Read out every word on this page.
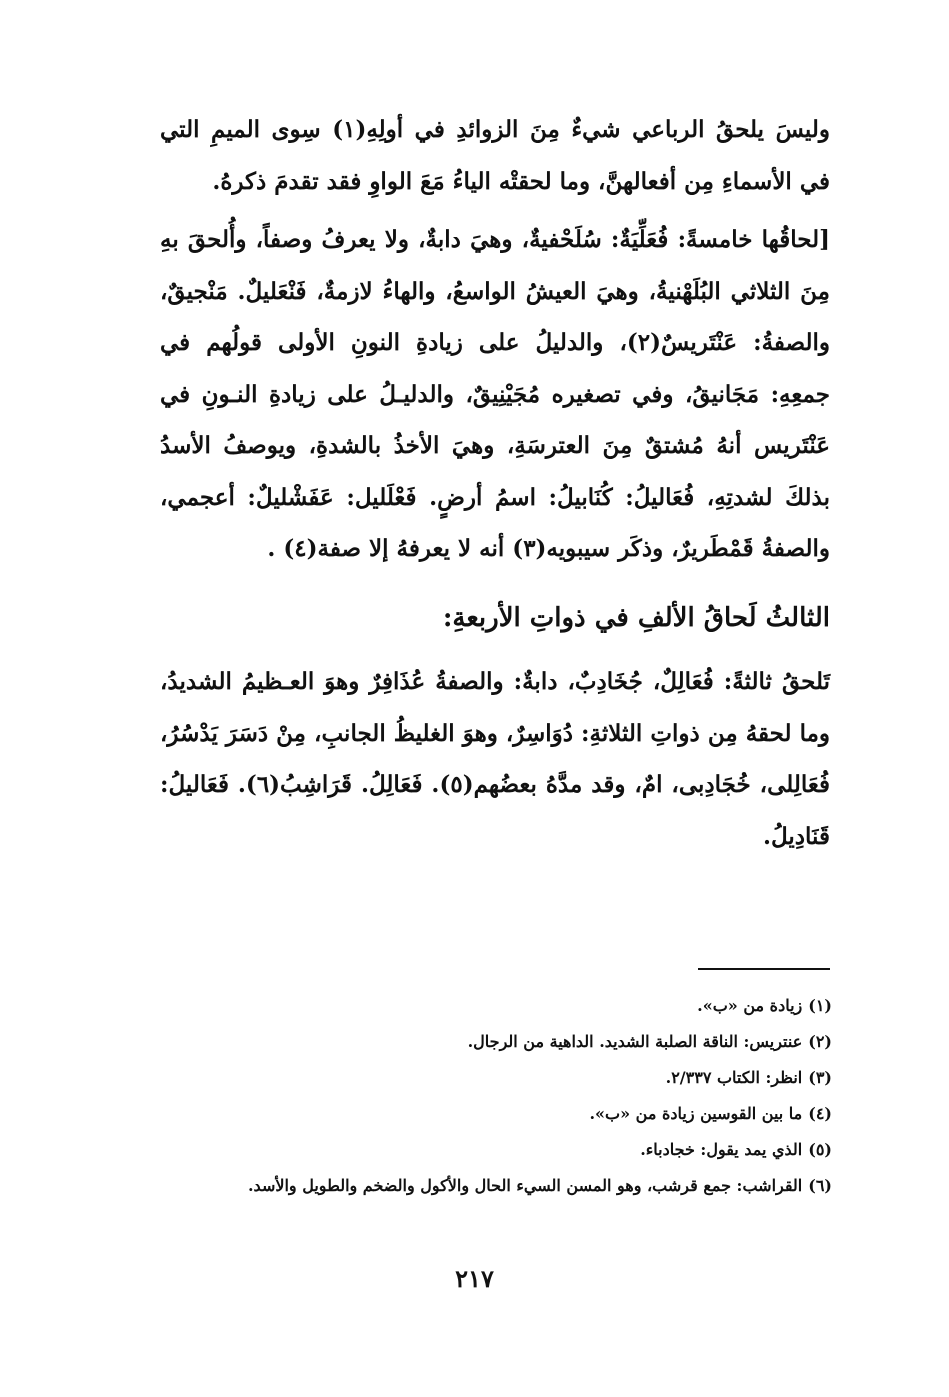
وليسَ يلحقُ الرباعي شيءٌ مِنَ الزوائدِ في أولِهِ(١) سِوى الميمِ التي في الأسماءِ مِن أفعالهنَّ، وما لحقتْه الياءُ مَعَ الواوِ فقد تقدمَ ذكرهُ.

[لحاقُها خامسةً: فُعَلِّيَةٌ: سُلَحْفيةٌ، وهيَ دابةٌ، ولا يعرفُ وصفاً، وأُلحقَ بهِ مِنَ الثلاثي البُلَهْنيةُ، وهيَ العيشُ الواسعُ، والهاءُ لازمةٌ، فَنْعَليلٌ. مَنْجيقٌ، والصفةُ: عَنْتَريسٌ(٢)، والدليلُ على زيادةِ النونِ الأولى قولُهم في جمعِهِ: مَجَانيقُ، وفي تصغيره مُجَيْنِيقٌ، والدليـلُ على زيادةِ النـونِ في عَنْتَريس أنهُ مُشتقٌ مِنَ العترسَةِ، وهيَ الأخذُ بالشدةِ، ويوصفُ الأسدُ بذلكَ لشدتِهِ، فُعَاليلُ: كُنَابيلُ: اسمُ أرضٍ. فَعْلَليل: عَفَشْليلٌ: أعجمي، والصفةُ قَمْطَريرٌ، وذكَر سيبويه(٣) أنه لا يعرفهُ إلا صفة(٤) .

الثالثُ لَحاقُ الألفِ في ذواتِ الأربعةِ:

تَلحقُ ثالثةً: فُعَالِلٌ، جُخَادِبٌ، دابةٌ: والصفةُ عُذَافِرٌ وهوَ العـظيمُ الشديدُ، وما لحقهُ مِن ذواتِ الثلاثةِ: دُوَاسِرٌ، وهوَ الغليظُ الجانبِ، مِنْ دَسَرَ يَدْسُرُ، فُعَالِلى، خُجَادِبى، امٌ، وقد مدَّهُ بعضُهم(٥). فَعَالِلُ. قَرَاشِبُ(٦). فَعَاليلُ: قَنَادِيلُ.

(١)زيادة من «ب».

(٢)عنتريس: الناقة الصلبة الشديد. الداهية من الرجال.

(٣)انظر: الكتاب ٢/٣٣٧.

(٤)ما بين القوسين زيادة من «ب».

(٥)الذي يمد يقول: خجادباء.

(٦)القراشب: جمع قرشب، وهو المسن السيء الحال والأكول والضخم والطويل والأسد.

٢١٧
